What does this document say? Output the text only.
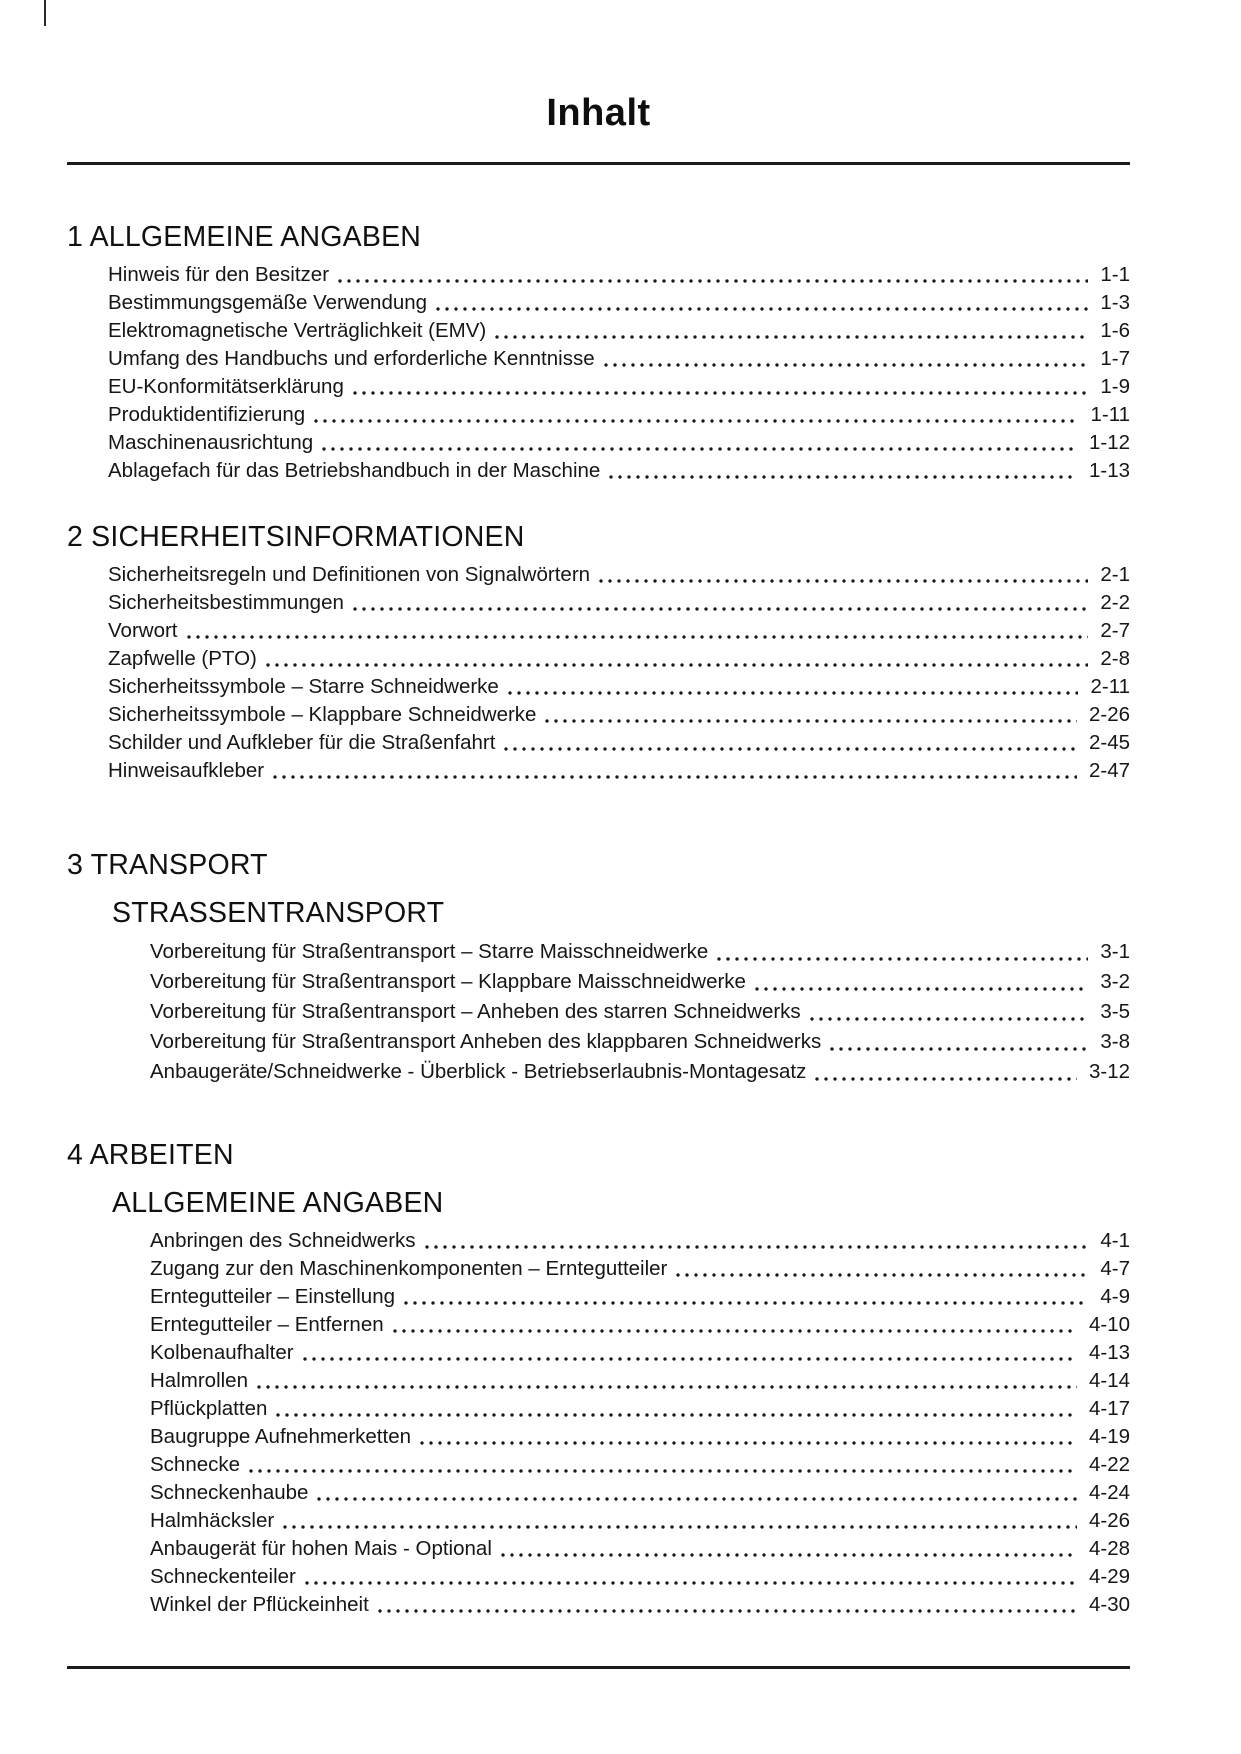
Inhalt
1 ALLGEMEINE ANGABEN
Hinweis für den Besitzer	1-1
Bestimmungsgemäße Verwendung	1-3
Elektromagnetische Verträglichkeit (EMV)	1-6
Umfang des Handbuchs und erforderliche Kenntnisse	1-7
EU-Konformitätserklärung	1-9
Produktidentifizierung	1-11
Maschinenausrichtung	1-12
Ablagefach für das Betriebshandbuch in der Maschine	1-13
2 SICHERHEITSINFORMATIONEN
Sicherheitsregeln und Definitionen von Signalwörtern	2-1
Sicherheitsbestimmungen	2-2
Vorwort	2-7
Zapfwelle (PTO)	2-8
Sicherheitssymbole – Starre Schneidwerke	2-11
Sicherheitssymbole – Klappbare Schneidwerke	2-26
Schilder und Aufkleber für die Straßenfahrt	2-45
Hinweisaufkleber	2-47
3 TRANSPORT
STRASSENTRANSPORT
Vorbereitung für Straßentransport – Starre Maisschneidwerke	3-1
Vorbereitung für Straßentransport – Klappbare Maisschneidwerke	3-2
Vorbereitung für Straßentransport – Anheben des starren Schneidwerks	3-5
Vorbereitung für Straßentransport Anheben des klappbaren Schneidwerks	3-8
Anbaugeräte/Schneidwerke - Überblick - Betriebserlaubnis-Montagesatz	3-12
4 ARBEITEN
ALLGEMEINE ANGABEN
Anbringen des Schneidwerks	4-1
Zugang zur den Maschinenkomponenten – Erntegutteiler	4-7
Erntegutteiler – Einstellung	4-9
Erntegutteiler – Entfernen	4-10
Kolbenaufhalter	4-13
Halmrollen	4-14
Pflückplatten	4-17
Baugruppe Aufnehmerketten	4-19
Schnecke	4-22
Schneckenhaube	4-24
Halmhäcksler	4-26
Anbaugerät für hohen Mais - Optional	4-28
Schneckenteiler	4-29
Winkel der Pflückeinheit	4-30
